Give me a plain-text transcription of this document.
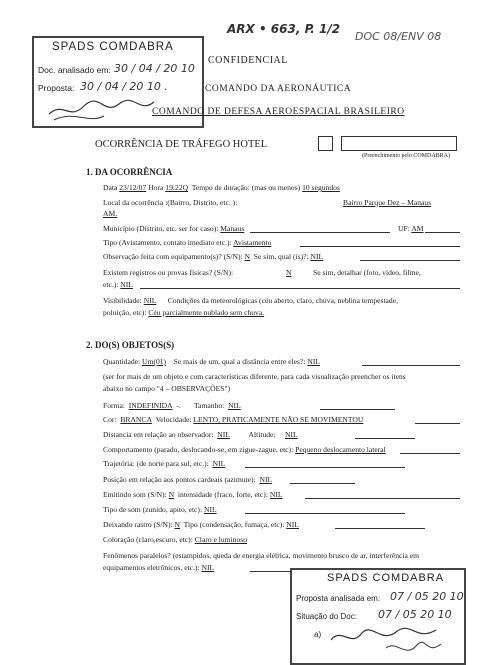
ARX • 663, P. 1/2
DOC 08/ENV 08
SPADS COMDABRA
Doc. analisado em: 30 / 04 / 20 10
Proposta: 30 / 04 / 20 10 .
CONFIDENCIAL
COMANDO DA AERONÁUTICA
COMANDO DE DEFESA AEROESPACIAL BRASILEIRO
OCORRÊNCIA DE TRÁFEGO HOTEL
(Preenchimento pelo COMDABRA)
1. DA OCORRÊNCIA
Data 23/12/07 Hora 19:22Q Tempo de duração: (mas ou menos) 10 segundos
Local da ocorrência :(Bairro, Distrito, etc. ):	Bairro Parque Dez – Manaus
AM.
Município (Distrito, etc. ser for caso): Manaus	UF: AM
Tipo (Avistamento, contato imediato etc.): Avistamento
Observação feita com equipamento(s)? (S/N): N Se sim, qual (is)?: NIL
Existem registros ou provas físicas? (S/N):	N	Se sim, detalhar (foto, vídeo, filme,
etc.): NIL
Visibilidade: NIL Condições da meteorológicas (céu aberto, claro, chuva, neblina tempestade,
poluição, etc): Céu parcialmente nublado sem chuva.
2. DO(S) OBJETOS(S)
Quantidade: Um(01) Se mais de um, qual a distância entre eles?: NIL
(ser for mais de um objeto e com características diferente, para cada visualização preencher os itens
abaixo no campo "4 – OBSERVAÇÕES")
Forma: INDEFINIDA  -.       Tamanho: NIL
Cor: BRANCA Velocidade: LENTO, PRATICAMENTE NÃO SE MOVIMENTOU
Distancia em relação ao observador: NIL Altitude: NIL
Comportamento (parado, deslocando-se, em zigue-zague, etc): Pequeno deslocamento lateral
Trajetória: (de norte para sul, etc.): NIL
Posição em relação aos pontos cardeais (azimute): NIL
Emitindo som (S/N): N intensidade (fraco, forte, etc): NIL
Tipo de som (zunido, apito, etc): NIL
Deixando rastro (S/N): N Tipo (condensação, fumaça, etc): NIL
Coloração (claro,escuro, etc): Claro e luminoso
Fenômenos paralelos? (estampidos, queda de energia elétrica, movimento brusco de ar, interferência em
equipamentos eletrônicos, etc.): NIL
SPADS COMDABRA
Proposta analisada em: 07 / 05 20 10
Situação do Doc: 07 / 05 20 10
a)
